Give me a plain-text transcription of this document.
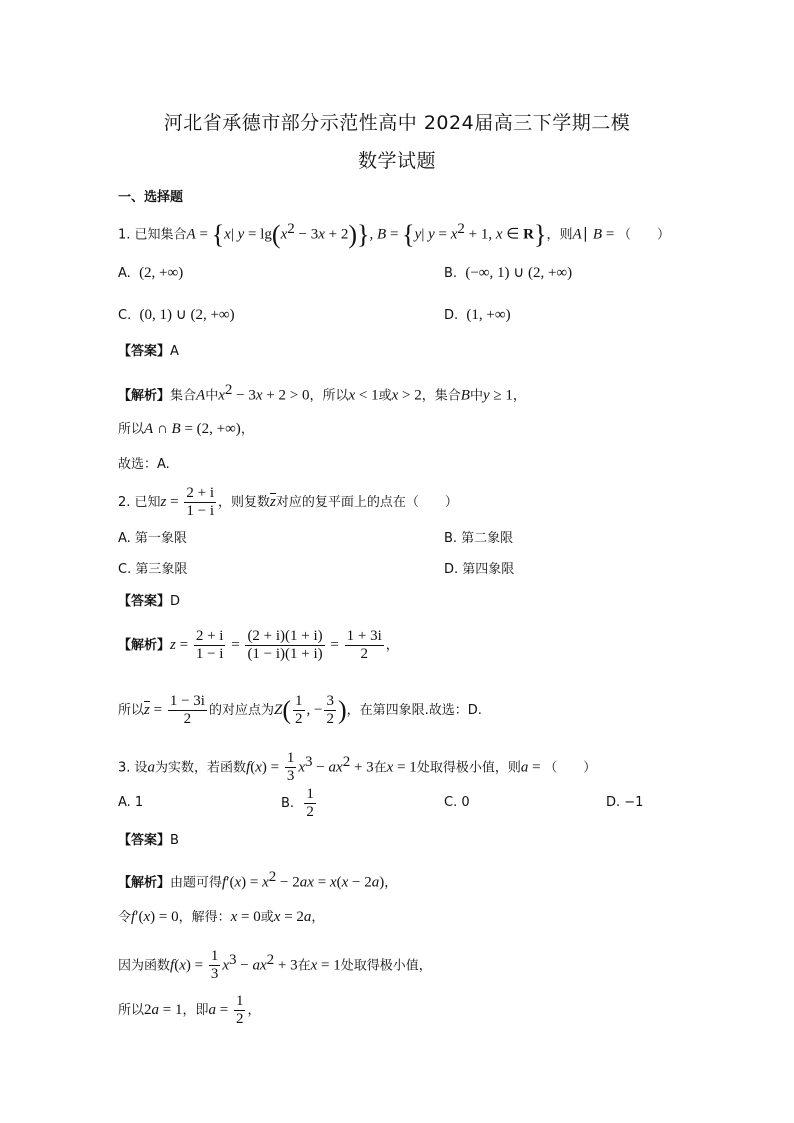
河北省承德市部分示范性高中 2024届高三下学期二模
数学试题
一、选择题
1. 已知集合A = {x| $y = \lg(x^2 - 3x + 2)$}, B = {y| $y = x^2 + 1$, x ∈ R}，则A∣ B = （　　）
A. (2, +∞)	B. (−∞, 1) ∪ (2, +∞)
C. (0, 1) ∪ (2, +∞)	D. (1, +∞)
【答案】A
【解析】集合A中$x^2 - 3x + 2 > 0$，所以x < 1或x > 2，集合B中y ≥ 1，
所以A ∩ B = (2, +∞)，
故选：A.
2. 已知$z = \frac{2 + i}{1 - i}$ ，则复数$\overline{z}$对应的复平面上的点在（　　）
A. 第一象限	B. 第二象限
C. 第三象限	D. 第四象限
【答案】D
【解析】$z = \frac{2 + i}{1 - i} = \frac{(2 + i)(1 + i)}{(1 - i)(1 + i)} = \frac{1 + 3i}{2}$ ，
所以$\overline{z} = \frac{1 - 3i}{2}$ 的对应点为$Z( \frac{1}{2}$ , − $\frac{3}{2}$ )，在第四象限.故选：D.
3. 设a为实数，若函数$f(x) = \frac{1}{3} x^3 - ax^2 + 3$在x = 1处取得极小值，则a = （　　）
A. 1	B. $\frac{1}{2}$	C. 0	D. −1
【答案】B
【解析】由题可得$f'(x) = x^2 - 2ax = x(x - 2a)$，
令f′(x) = 0，解得：x = 0或x = 2a，
因为函数$f(x) = \frac{1}{3} x^3 - ax^2 + 3$在x = 1处取得极小值，
所以2a = 1，即$a = \frac{1}{2}$ ，
